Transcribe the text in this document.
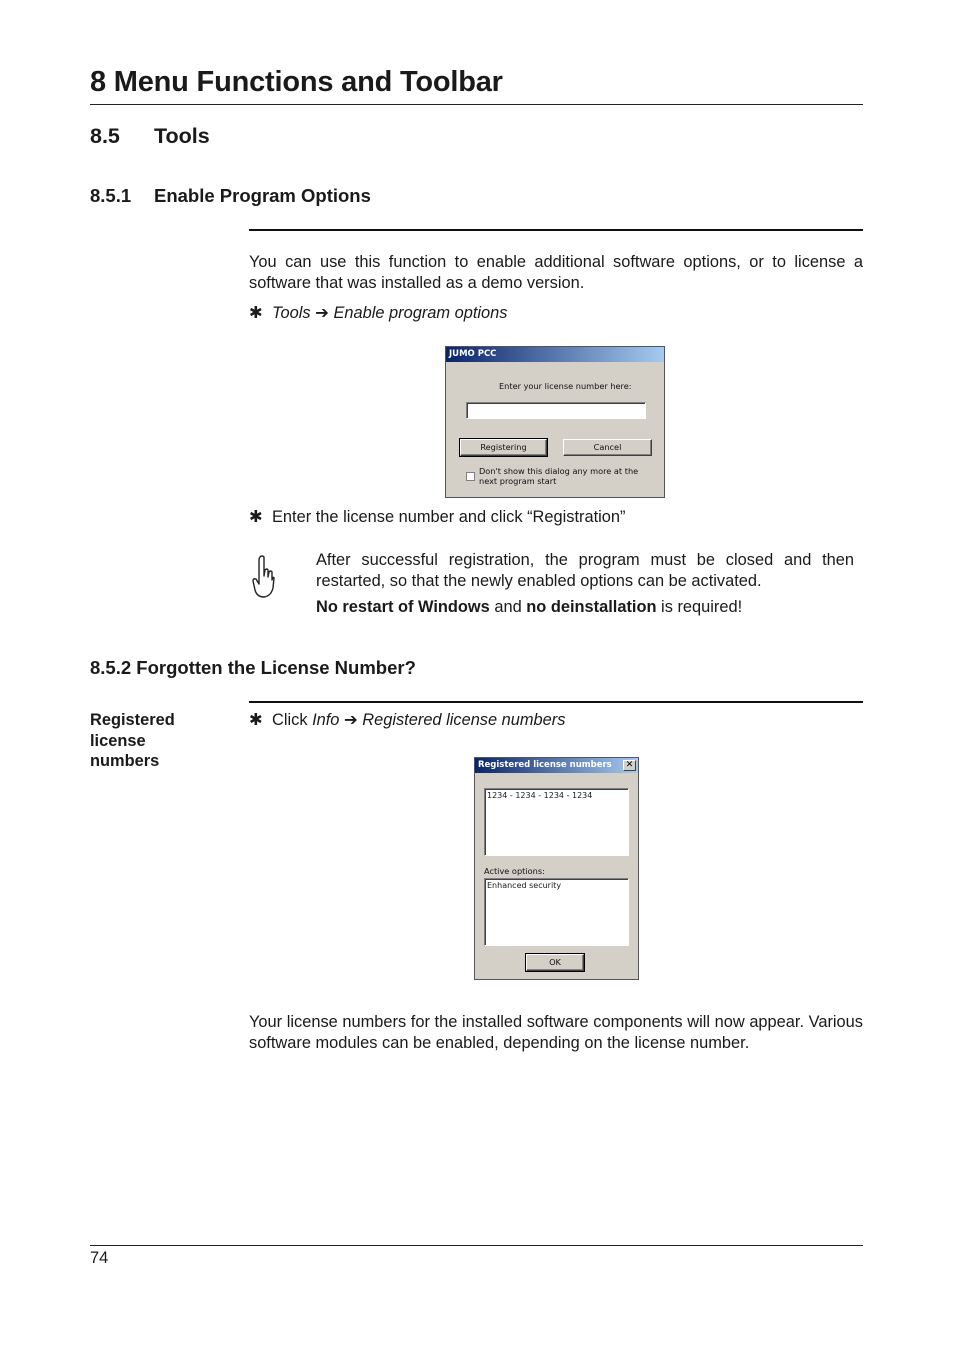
8 Menu Functions and Toolbar
8.5 Tools
8.5.1 Enable Program Options
You can use this function to enable additional software options, or to license a software that was installed as a demo version.
✱ Tools ➔ Enable program options
JUMO PCC
Enter your license number here:
Registering	Cancel
Don't show this dialog any more at the next program start
✱ Enter the license number and click “Registration”
After successful registration, the program must be closed and then restarted, so that the newly enabled options can be activated.
No restart of Windows and no deinstallation is required!
8.5.2 Forgotten the License Number?
Registered license numbers
✱ Click Info ➔ Registered license numbers
Registered license numbers	✕
1234 - 1234 - 1234 - 1234
Active options:
Enhanced security
OK
Your license numbers for the installed software components will now appear. Various software modules can be enabled, depending on the license number.
74
